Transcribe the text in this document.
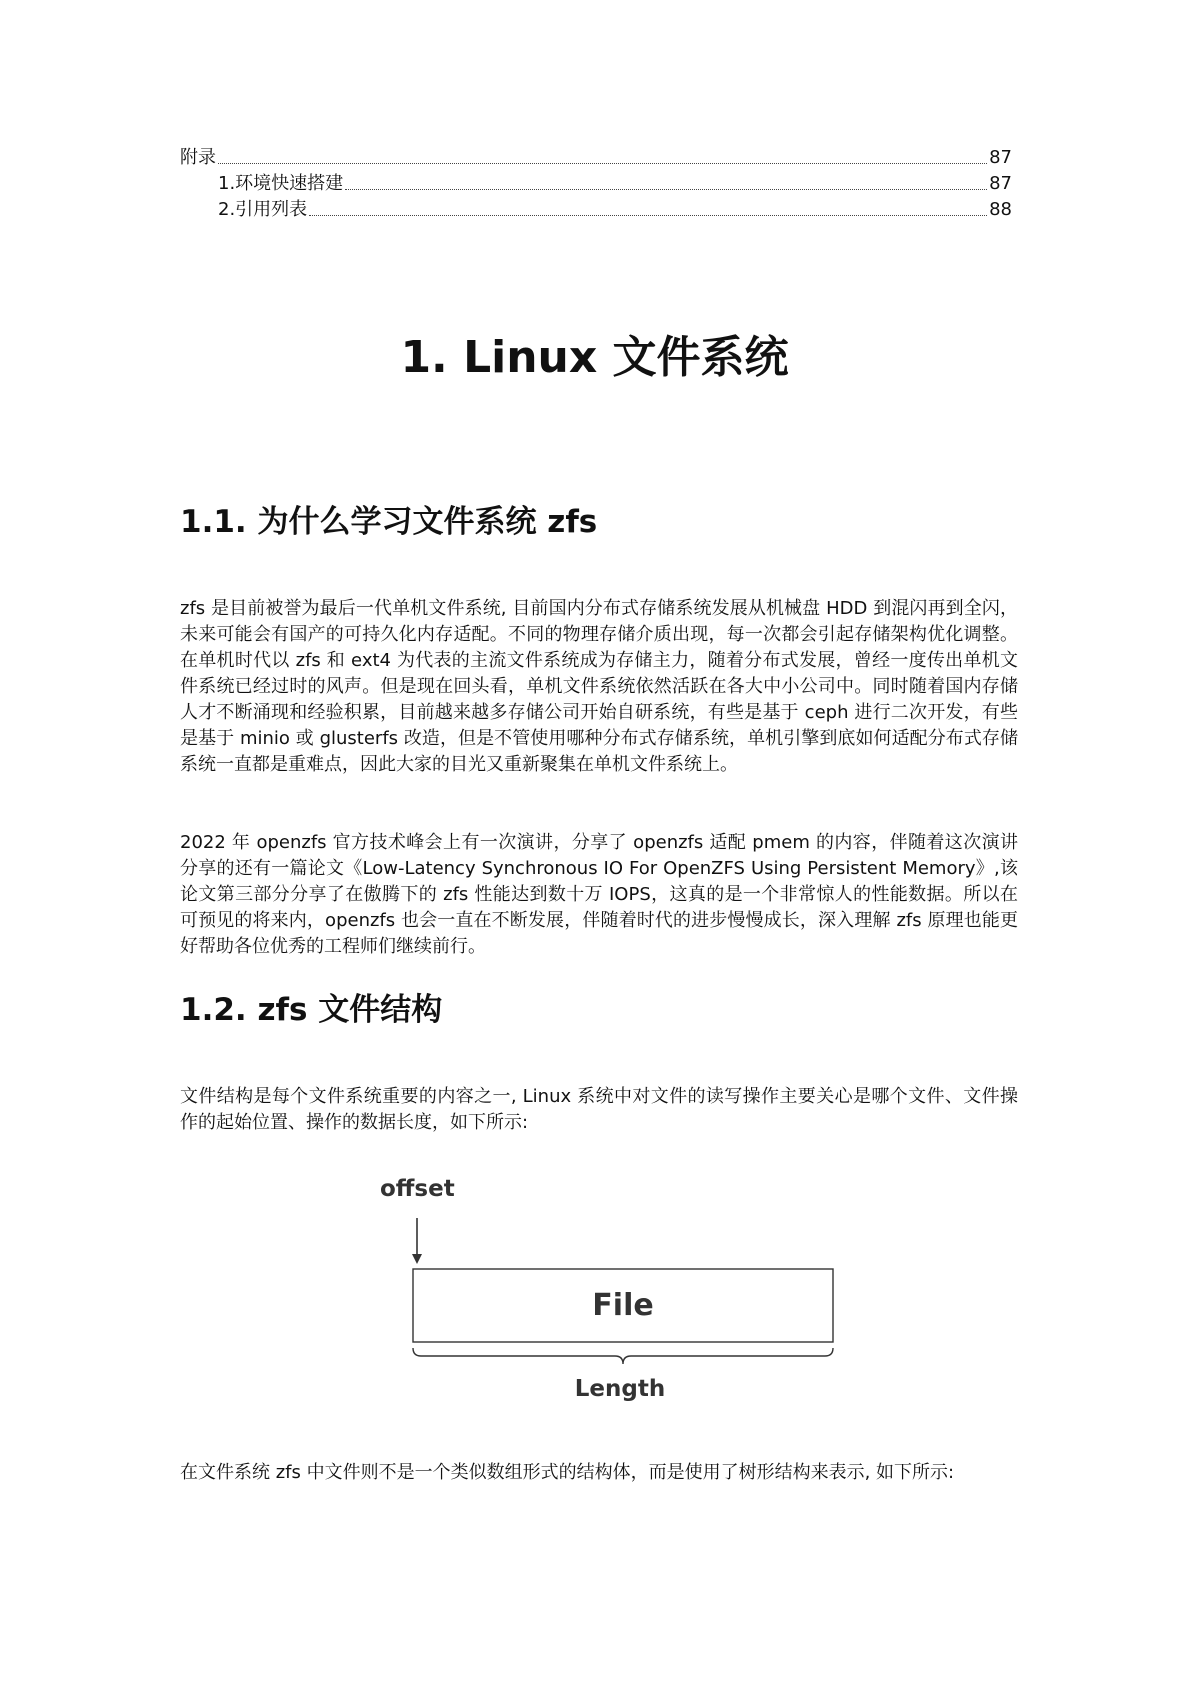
附录	87
1.环境快速搭建	87
2.引用列表	88
1. Linux 文件系统
1.1. 为什么学习文件系统 zfs

zfs 是目前被誉为最后一代单机文件系统, 目前国内分布式存储系统发展从机械盘 HDD 到混闪再到全闪，未来可能会有国产的可持久化内存适配。不同的物理存储介质出现，每一次都会引起存储架构优化调整。在单机时代以 zfs 和 ext4 为代表的主流文件系统成为存储主力，随着分布式发展，曾经一度传出单机文件系统已经过时的风声。但是现在回头看，单机文件系统依然活跃在各大中小公司中。同时随着国内存储人才不断涌现和经验积累，目前越来越多存储公司开始自研系统，有些是基于 ceph 进行二次开发，有些是基于 minio 或 glusterfs 改造，但是不管使用哪种分布式存储系统，单机引擎到底如何适配分布式存储系统一直都是重难点，因此大家的目光又重新聚集在单机文件系统上。

2022 年 openzfs 官方技术峰会上有一次演讲，分享了 openzfs 适配 pmem 的内容，伴随着这次演讲分享的还有一篇论文《Low-Latency Synchronous IO For OpenZFS Using Persistent Memory》,该论文第三部分分享了在傲腾下的 zfs 性能达到数十万 IOPS，这真的是一个非常惊人的性能数据。所以在可预见的将来内，openzfs 也会一直在不断发展，伴随着时代的进步慢慢成长，深入理解 zfs 原理也能更好帮助各位优秀的工程师们继续前行。

1.2. zfs 文件结构

文件结构是每个文件系统重要的内容之一, Linux 系统中对文件的读写操作主要关心是哪个文件、文件操作的起始位置、操作的数据长度，如下所示:

offset
File
Length

在文件系统 zfs 中文件则不是一个类似数组形式的结构体，而是使用了树形结构来表示, 如下所示:
